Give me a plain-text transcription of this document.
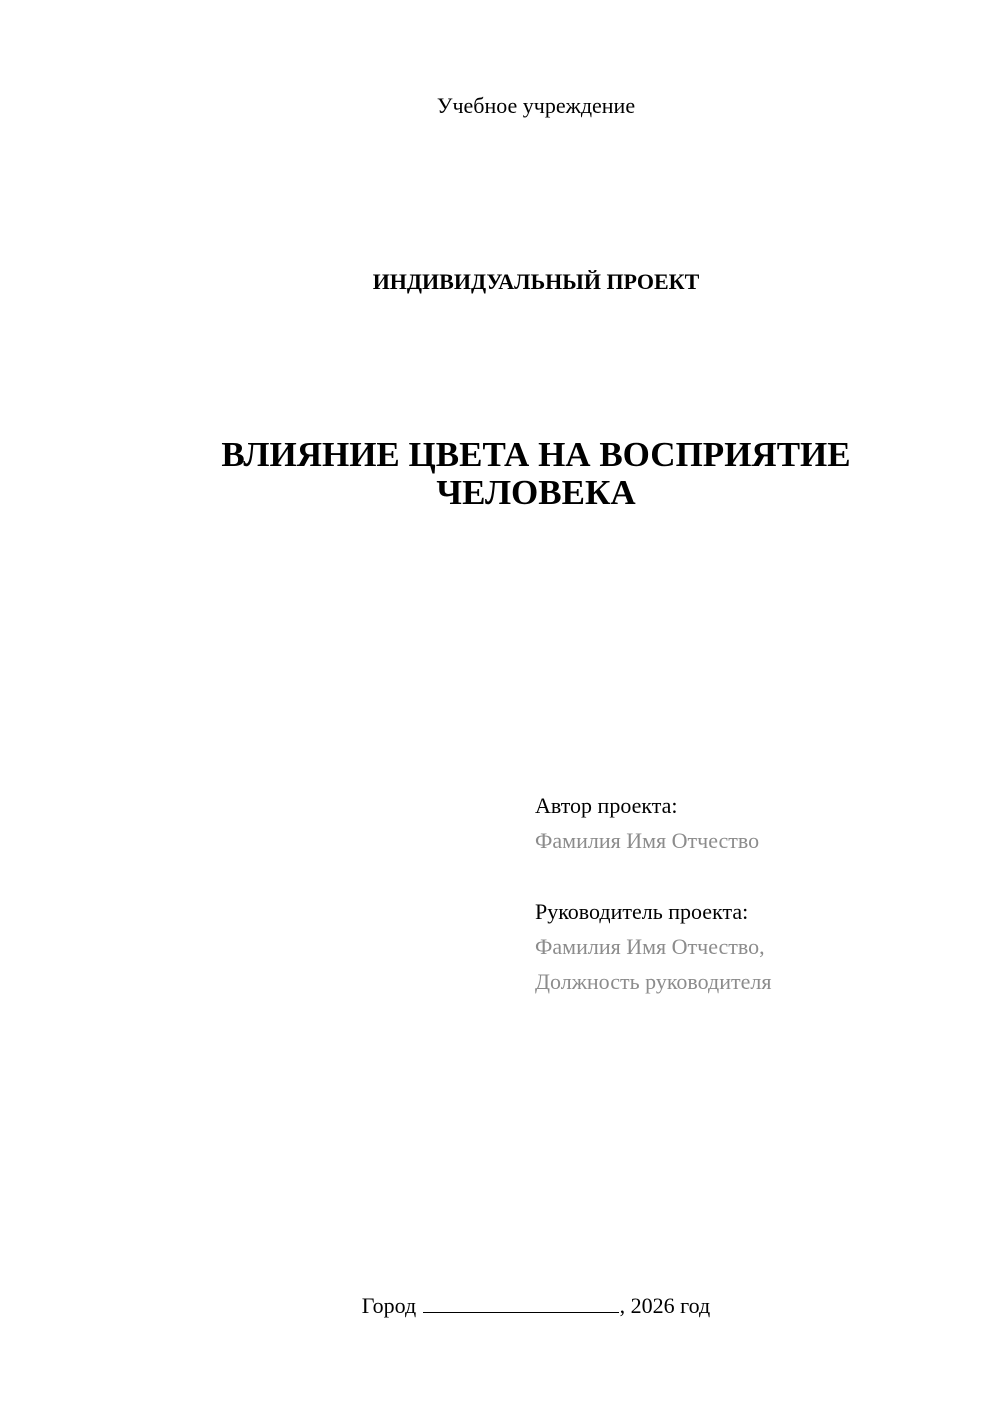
Учебное учреждение
ИНДИВИДУАЛЬНЫЙ ПРОЕКТ
ВЛИЯНИЕ ЦВЕТА НА ВОСПРИЯТИЕ
ЧЕЛОВЕКА
Автор проекта:
Фамилия Имя Отчество
Руководитель проекта:
Фамилия Имя Отчество,
Должность руководителя
Город	, 2026 год
